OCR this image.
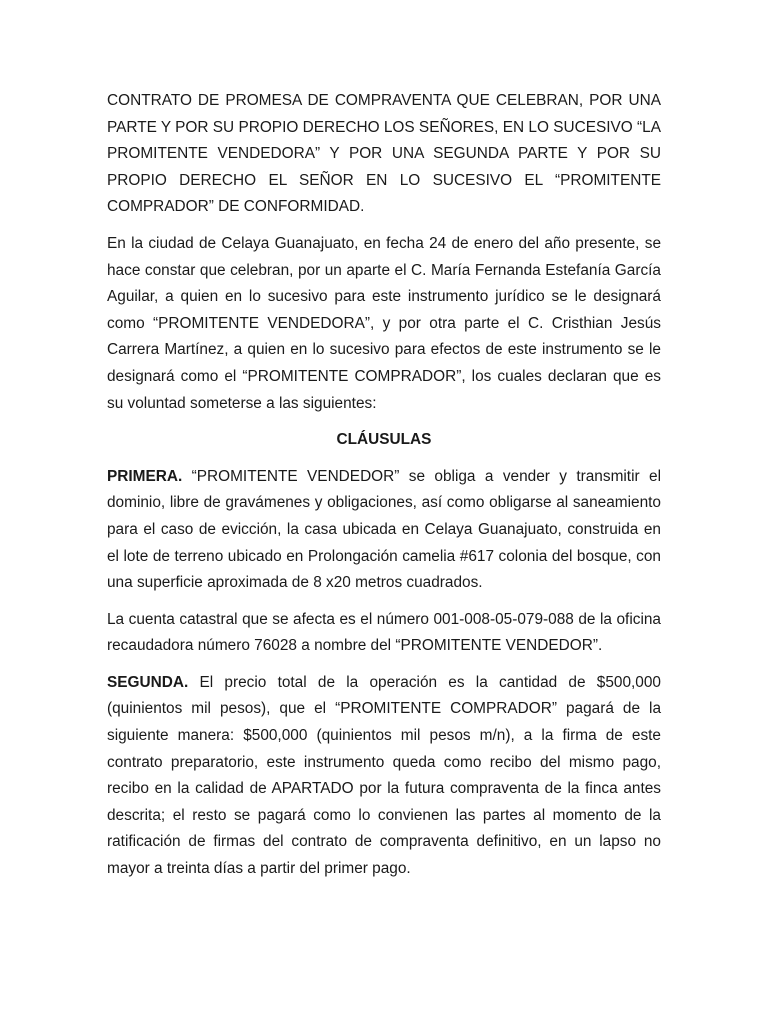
CONTRATO DE PROMESA DE COMPRAVENTA QUE CELEBRAN, POR UNA PARTE Y POR SU PROPIO DERECHO LOS SEÑORES, EN LO SUCESIVO “LA PROMITENTE VENDEDORA” Y POR UNA SEGUNDA PARTE Y POR SU PROPIO DERECHO EL SEÑOR EN LO SUCESIVO EL “PROMITENTE COMPRADOR” DE CONFORMIDAD.

En la ciudad de Celaya Guanajuato, en fecha 24 de enero del año presente, se hace constar que celebran, por un aparte el C. María Fernanda Estefanía García Aguilar, a quien en lo sucesivo para este instrumento jurídico se le designará como “PROMITENTE VENDEDORA”, y por otra parte el C. Cristhian Jesús Carrera Martínez, a quien en lo sucesivo para efectos de este instrumento se le designará como el “PROMITENTE COMPRADOR”, los cuales declaran que es su voluntad someterse a las siguientes:

CLÁUSULAS

PRIMERA. “PROMITENTE VENDEDOR” se obliga a vender y transmitir el dominio, libre de gravámenes y obligaciones, así como obligarse al saneamiento para el caso de evicción, la casa ubicada en Celaya Guanajuato, construida en el lote de terreno ubicado en Prolongación camelia #617 colonia del bosque, con una superficie aproximada de 8 x20 metros cuadrados.

La cuenta catastral que se afecta es el número 001-008-05-079-088 de la oficina recaudadora número 76028 a nombre del “PROMITENTE VENDEDOR”.

SEGUNDA. El precio total de la operación es la cantidad de $500,000 (quinientos mil pesos), que el “PROMITENTE COMPRADOR” pagará de la siguiente manera: $500,000 (quinientos mil pesos m/n), a la firma de este contrato preparatorio, este instrumento queda como recibo del mismo pago, recibo en la calidad de APARTADO por la futura compraventa de la finca antes descrita; el resto se pagará como lo convienen las partes al momento de la ratificación de firmas del contrato de compraventa definitivo, en un lapso no mayor a treinta días a partir del primer pago.
